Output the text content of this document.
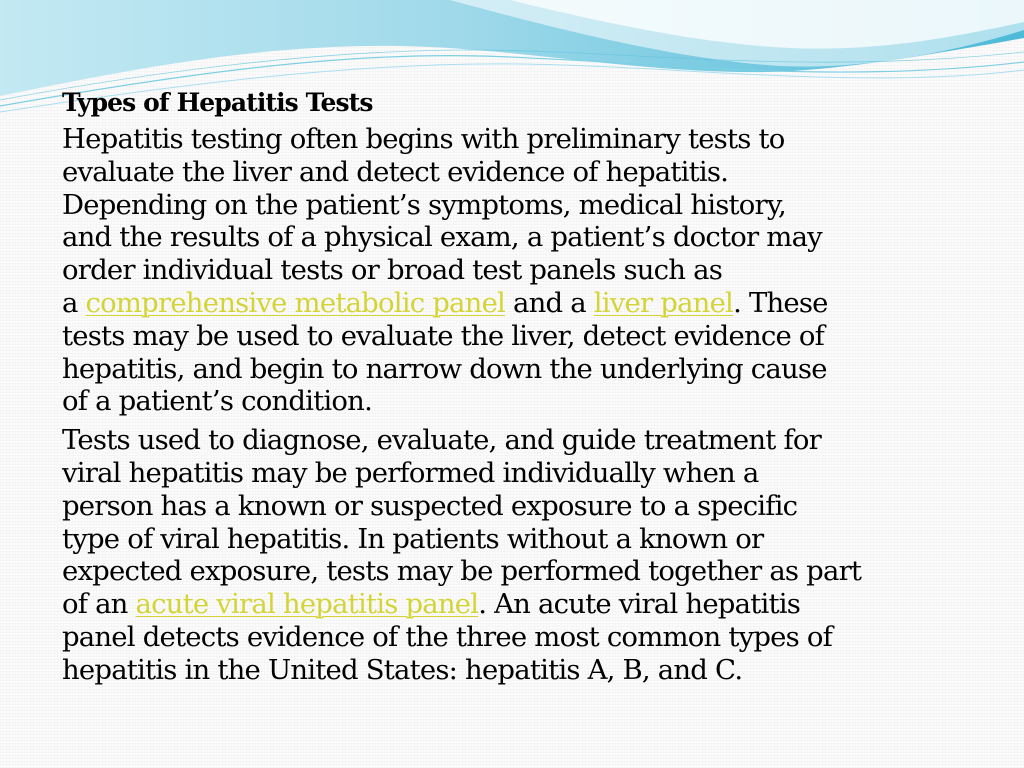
Types of Hepatitis Tests
Hepatitis testing often begins with preliminary tests to
evaluate the liver and detect evidence of hepatitis.
Depending on the patient’s symptoms, medical history,
and the results of a physical exam, a patient’s doctor may
order individual tests or broad test panels such as
a comprehensive metabolic panel and a liver panel. These
tests may be used to evaluate the liver, detect evidence of
hepatitis, and begin to narrow down the underlying cause
of a patient’s condition.
Tests used to diagnose, evaluate, and guide treatment for
viral hepatitis may be performed individually when a
person has a known or suspected exposure to a specific
type of viral hepatitis. In patients without a known or
expected exposure, tests may be performed together as part
of an acute viral hepatitis panel. An acute viral hepatitis
panel detects evidence of the three most common types of
hepatitis in the United States: hepatitis A, B, and C.
